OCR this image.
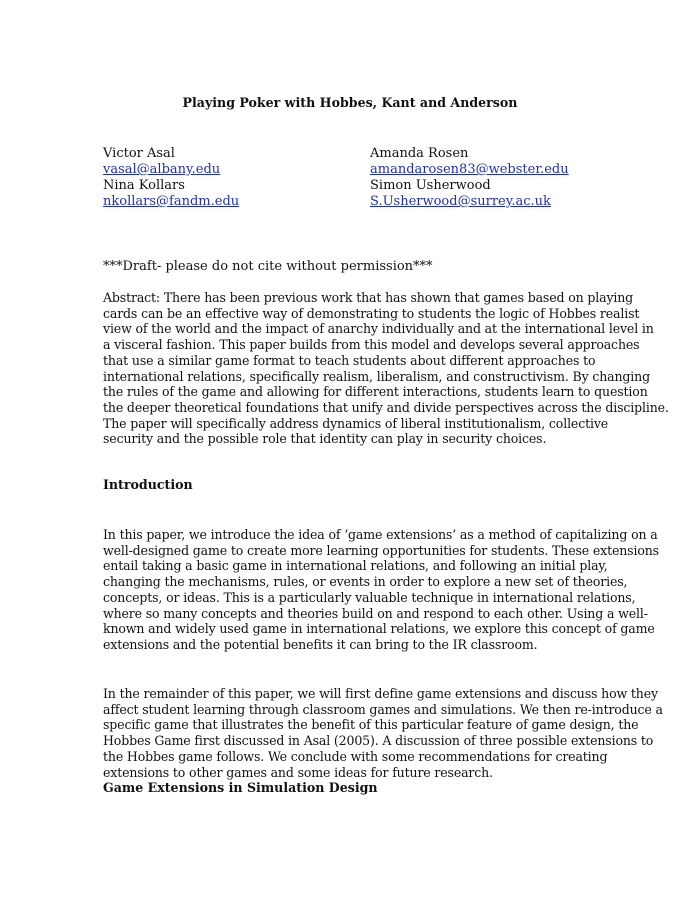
Playing Poker with Hobbes, Kant and Anderson
Victor Asal
vasal@albany.edu
Nina Kollars
nkollars@fandm.edu
Amanda Rosen
amandarosen83@webster.edu
Simon Usherwood
S.Usherwood@surrey.ac.uk
***Draft- please do not cite without permission***
Abstract: There has been previous work that has shown that games based on playing
cards can be an effective way of demonstrating to students the logic of Hobbes realist
view of the world and the impact of anarchy individually and at the international level in
a visceral fashion. This paper builds from this model and develops several approaches
that use a similar game format to teach students about different approaches to
international relations, specifically realism, liberalism, and constructivism. By changing
the rules of the game and allowing for different interactions, students learn to question
the deeper theoretical foundations that unify and divide perspectives across the discipline.
The paper will specifically address dynamics of liberal institutionalism, collective
security and the possible role that identity can play in security choices.
Introduction
In this paper, we introduce the idea of ‘game extensions’ as a method of capitalizing on a
well-designed game to create more learning opportunities for students. These extensions
entail taking a basic game in international relations, and following an initial play,
changing the mechanisms, rules, or events in order to explore a new set of theories,
concepts, or ideas. This is a particularly valuable technique in international relations,
where so many concepts and theories build on and respond to each other. Using a well-
known and widely used game in international relations, we explore this concept of game
extensions and the potential benefits it can bring to the IR classroom.
In the remainder of this paper, we will first define game extensions and discuss how they
affect student learning through classroom games and simulations. We then re-introduce a
specific game that illustrates the benefit of this particular feature of game design, the
Hobbes Game first discussed in Asal (2005). A discussion of three possible extensions to
the Hobbes game follows. We conclude with some recommendations for creating
extensions to other games and some ideas for future research.
Game Extensions in Simulation Design
